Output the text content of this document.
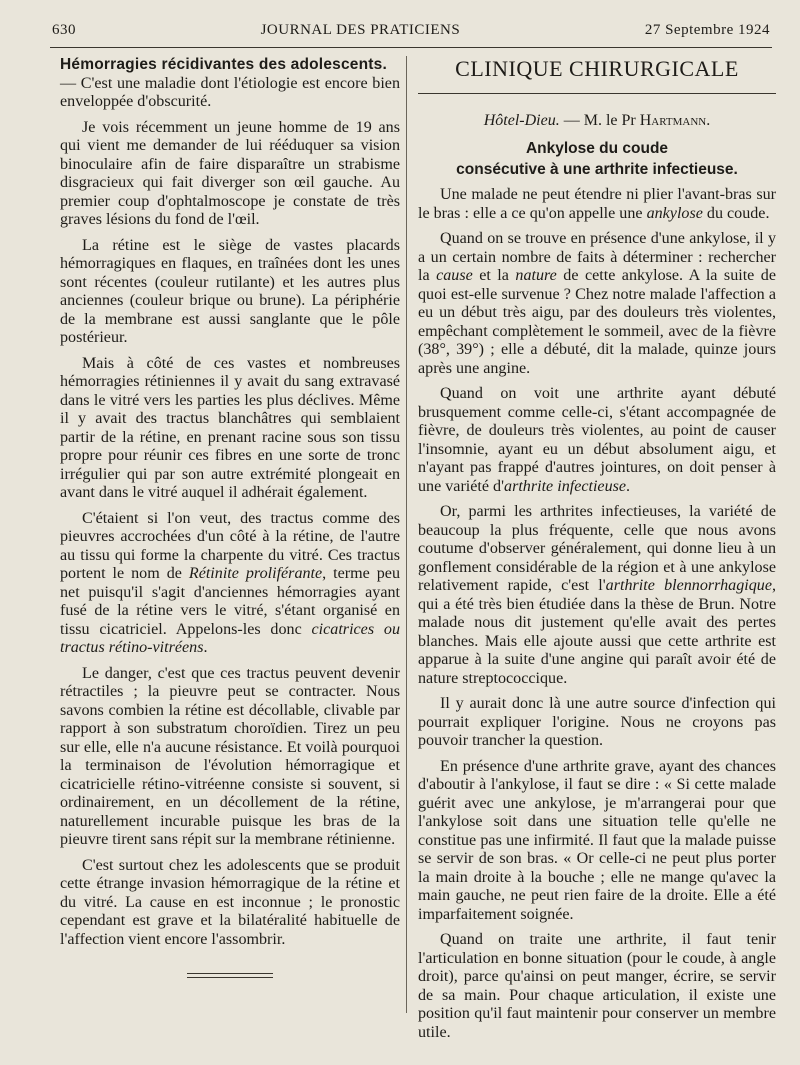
630	JOURNAL DES PRATICIENS	27 Septembre 1924

Hémorragies récidivantes des adolescents.
— C'est une maladie dont l'étiologie est encore bien enveloppée d'obscurité.

Je vois récemment un jeune homme de 19 ans qui vient me demander de lui rééduquer sa vision binoculaire afin de faire disparaître un strabisme disgracieux qui fait diverger son œil gauche. Au premier coup d'ophtalmoscope je constate de très graves lésions du fond de l'œil.

La rétine est le siège de vastes placards hémorragiques en flaques, en traînées dont les unes sont récentes (couleur rutilante) et les autres plus anciennes (couleur brique ou brune). La périphérie de la membrane est aussi sanglante que le pôle postérieur.

Mais à côté de ces vastes et nombreuses hémorragies rétiniennes il y avait du sang extravasé dans le vitré vers les parties les plus déclives. Même il y avait des tractus blanchâtres qui semblaient partir de la rétine, en prenant racine sous son tissu propre pour réunir ces fibres en une sorte de tronc irrégulier qui par son autre extrémité plongeait en avant dans le vitré auquel il adhérait également.

C'étaient si l'on veut, des tractus comme des pieuvres accrochées d'un côté à la rétine, de l'autre au tissu qui forme la charpente du vitré. Ces tractus portent le nom de Rétinite proliférante, terme peu net puisqu'il s'agit d'anciennes hémorragies ayant fusé de la rétine vers le vitré, s'étant organisé en tissu cicatriciel. Appelons-les donc cicatrices ou tractus rétino-vitréens.

Le danger, c'est que ces tractus peuvent devenir rétractiles ; la pieuvre peut se contracter. Nous savons combien la rétine est décollable, clivable par rapport à son substratum choroïdien. Tirez un peu sur elle, elle n'a aucune résistance. Et voilà pourquoi la terminaison de l'évolution hémorragique et cicatricielle rétino-vitréenne consiste si souvent, si ordinairement, en un décollement de la rétine, naturellement incurable puisque les bras de la pieuvre tirent sans répit sur la membrane rétinienne.

C'est surtout chez les adolescents que se produit cette étrange invasion hémorragique de la rétine et du vitré. La cause en est inconnue ; le pronostic cependant est grave et la bilatéralité habituelle de l'affection vient encore l'assombrir.

CLINIQUE CHIRURGICALE
Hôtel-Dieu. — M. le Pr Hartmann.
Ankylose du coude
consécutive à une arthrite infectieuse.

Une malade ne peut étendre ni plier l'avant-bras sur le bras : elle a ce qu'on appelle une ankylose du coude.

Quand on se trouve en présence d'une ankylose, il y a un certain nombre de faits à déterminer : rechercher la cause et la nature de cette ankylose. A la suite de quoi est-elle survenue ? Chez notre malade l'affection a eu un début très aigu, par des douleurs très violentes, empêchant complètement le sommeil, avec de la fièvre (38°, 39°) ; elle a débuté, dit la malade, quinze jours après une angine.

Quand on voit une arthrite ayant débuté brusquement comme celle-ci, s'étant accompagnée de fièvre, de douleurs très violentes, au point de causer l'insomnie, ayant eu un début absolument aigu, et n'ayant pas frappé d'autres jointures, on doit penser à une variété d'arthrite infectieuse.

Or, parmi les arthrites infectieuses, la variété de beaucoup la plus fréquente, celle que nous avons coutume d'observer généralement, qui donne lieu à un gonflement considérable de la région et à une ankylose relativement rapide, c'est l'arthrite blennorrhagique, qui a été très bien étudiée dans la thèse de Brun. Notre malade nous dit justement qu'elle avait des pertes blanches. Mais elle ajoute aussi que cette arthrite est apparue à la suite d'une angine qui paraît avoir été de nature streptococcique.

Il y aurait donc là une autre source d'infection qui pourrait expliquer l'origine. Nous ne croyons pas pouvoir trancher la question.

En présence d'une arthrite grave, ayant des chances d'aboutir à l'ankylose, il faut se dire : « Si cette malade guérit avec une ankylose, je m'arrangerai pour que l'ankylose soit dans une situation telle qu'elle ne constitue pas une infirmité. Il faut que la malade puisse se servir de son bras. « Or celle-ci ne peut plus porter la main droite à la bouche ; elle ne mange qu'avec la main gauche, ne peut rien faire de la droite. Elle a été imparfaitement soignée.

Quand on traite une arthrite, il faut tenir l'articulation en bonne situation (pour le coude, à angle droit), parce qu'ainsi on peut manger, écrire, se servir de sa main. Pour chaque articulation, il existe une position qu'il faut maintenir pour conserver un membre utile.
